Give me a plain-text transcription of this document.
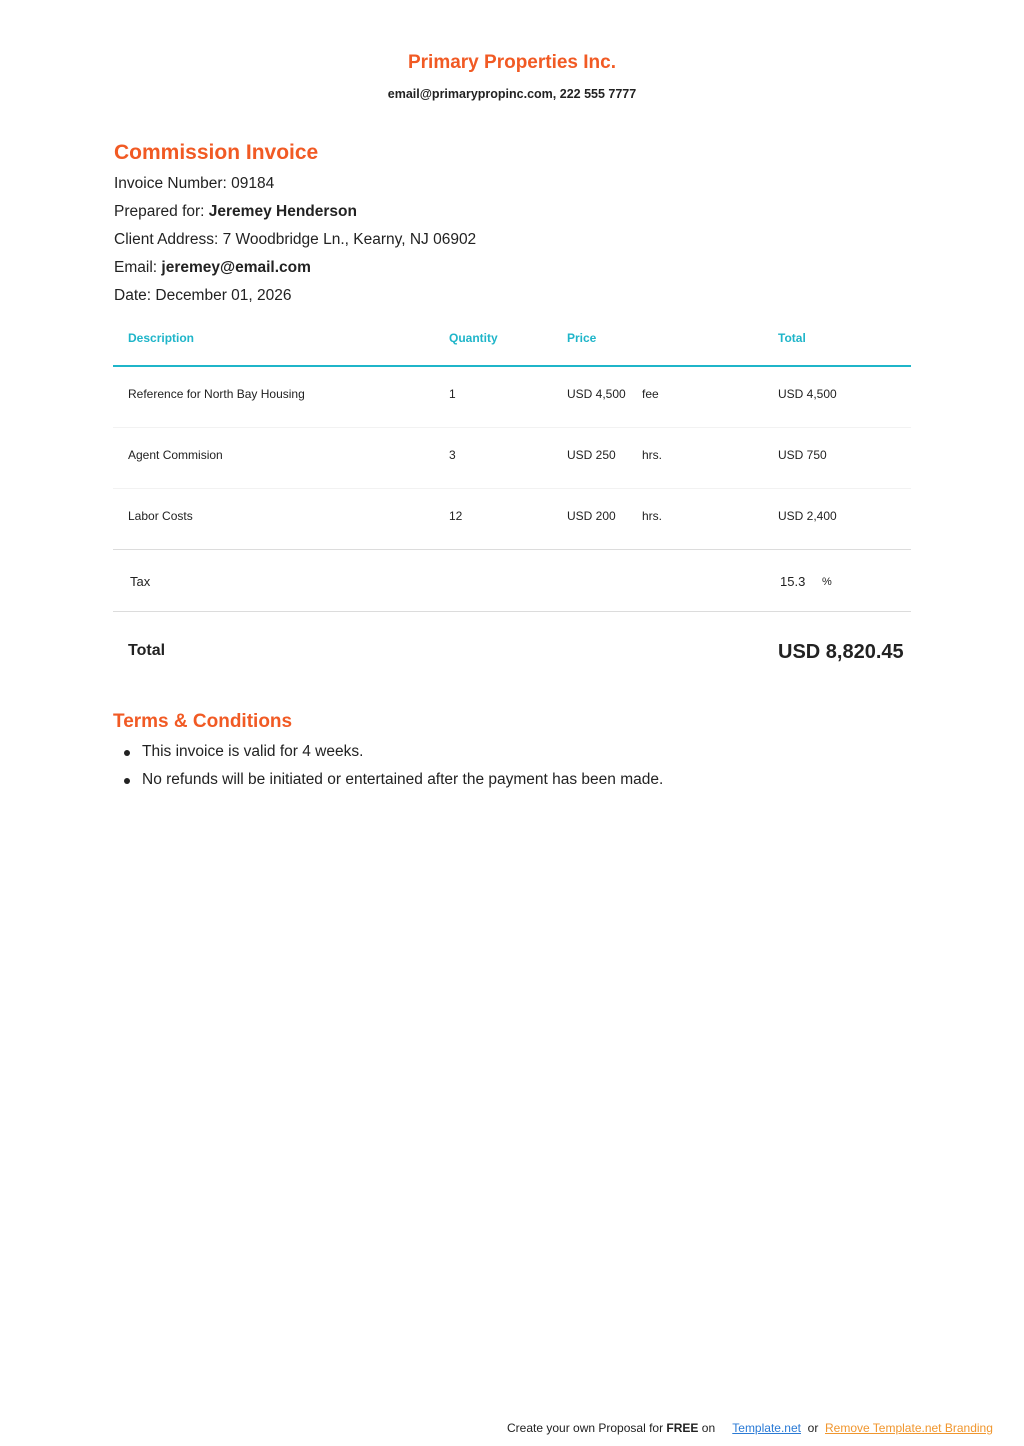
Primary Properties Inc.
email@primarypropinc.com, 222 555 7777
Commission Invoice
Invoice Number: 09184
Prepared for: Jeremey Henderson
Client Address: 7 Woodbridge Ln., Kearny, NJ 06902
Email: jeremey@email.com
Date: December 01, 2026
Description	Quantity	Price	Total
Reference for North Bay Housing	1	USD 4,500 fee	USD 4,500
Agent Commision	3	USD 250 hrs.	USD 750
Labor Costs	12	USD 200 hrs.	USD 2,400
Tax	15.3 %
Total	USD 8,820.45
Terms & Conditions
This invoice is valid for 4 weeks.
No refunds will be initiated or entertained after the payment has been made.
Create your own Proposal for FREE on Template.net or Remove Template.net Branding
